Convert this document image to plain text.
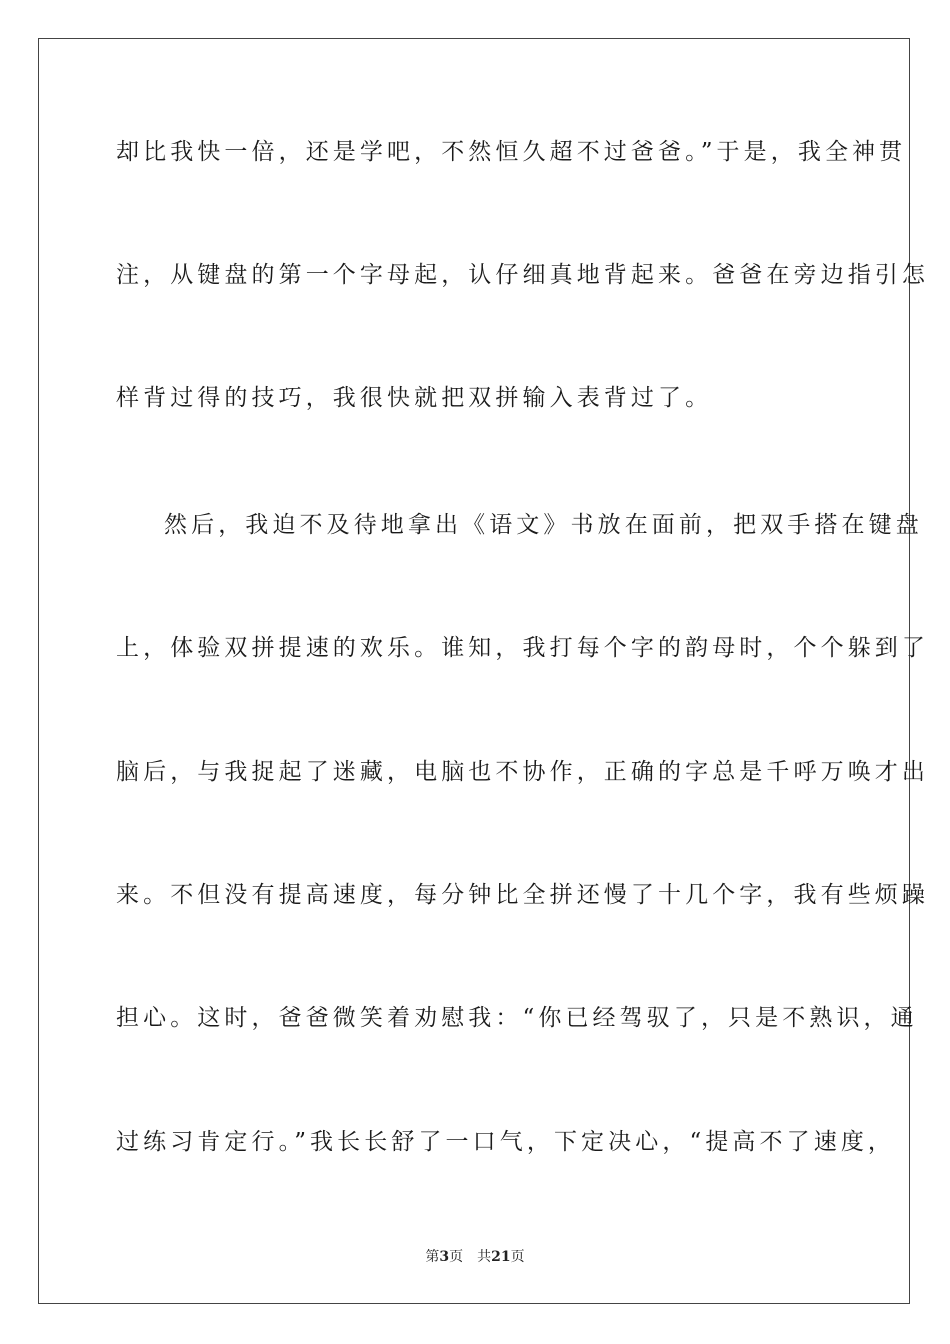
却比我快一倍，还是学吧，不然恒久超不过爸爸。”于是，我全神贯
注，从键盘的第一个字母起，认仔细真地背起来。爸爸在旁边指引怎
样背过得的技巧，我很快就把双拼输入表背过了。
然后，我迫不及待地拿出《语文》书放在面前，把双手搭在键盘
上，体验双拼提速的欢乐。谁知，我打每个字的韵母时，个个躲到了
脑后，与我捉起了迷藏，电脑也不协作，正确的字总是千呼万唤才出
来。不但没有提高速度，每分钟比全拼还慢了十几个字，我有些烦躁
担心。这时，爸爸微笑着劝慰我：“你已经驾驭了，只是不熟识，通
过练习肯定行。”我长长舒了一口气，下定决心，“提高不了速度，
第3页 共21页
